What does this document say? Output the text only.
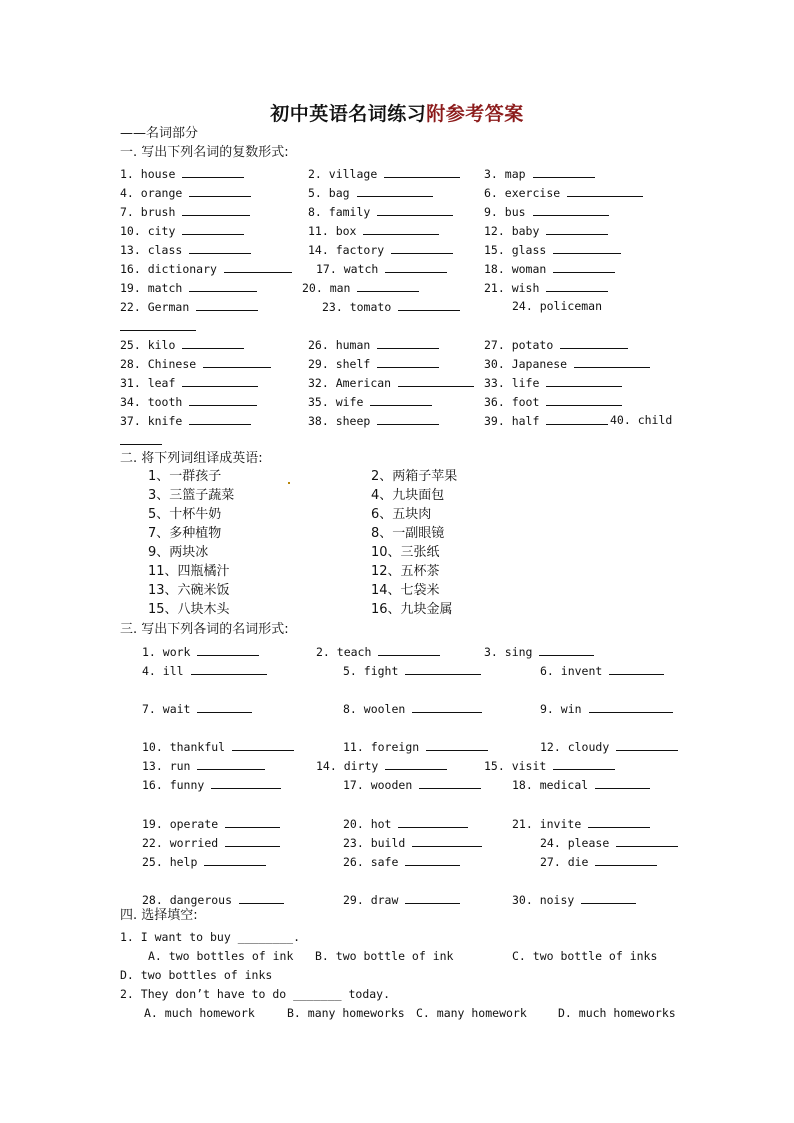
初中英语名词练习附参考答案
——名词部分
一. 写出下列名词的复数形式:
1. house	2. village	3. map
4. orange	5. bag	6. exercise
7. brush	8. family	9. bus
10. city	11. box	12. baby
13. class	14. factory	15. glass
16. dictionary	17. watch	18. woman
19. match	20. man	21. wish
22. German	23. tomato	24. policeman
25. kilo	26. human	27. potato
28. Chinese	29. shelf	30. Japanese
31. leaf	32. American	33. life
34. tooth	35. wife	36. foot
37. knife	38. sheep	39. half	40. child
二. 将下列词组译成英语:
1、一群孩子	2、两箱子苹果
3、三篮子蔬菜	4、九块面包
5、十杯牛奶	6、五块肉
7、多种植物	8、一副眼镜
9、两块冰	10、三张纸
11、四瓶橘汁	12、五杯茶
13、六碗米饭	14、七袋米
15、八块木头	16、九块金属
三. 写出下列各词的名词形式:
1. work	2. teach	3. sing
4. ill	5. fight	6. invent
7. wait	8. woolen	9. win
10. thankful	11. foreign	12. cloudy
13. run	14. dirty	15. visit
16. funny	17. wooden	18. medical
19. operate	20. hot	21. invite
22. worried	23. build	24. please
25. help	26. safe	27. die
28. dangerous	29. draw	30. noisy
四. 选择填空:
1. I want to buy ________.
A. two bottles of ink B. two bottle of ink	C. two bottle of inks
D. two bottles of inks
2. They don’t have to do _______ today.
A. much homework	B. many homeworks C. many homework	D. much homeworks
